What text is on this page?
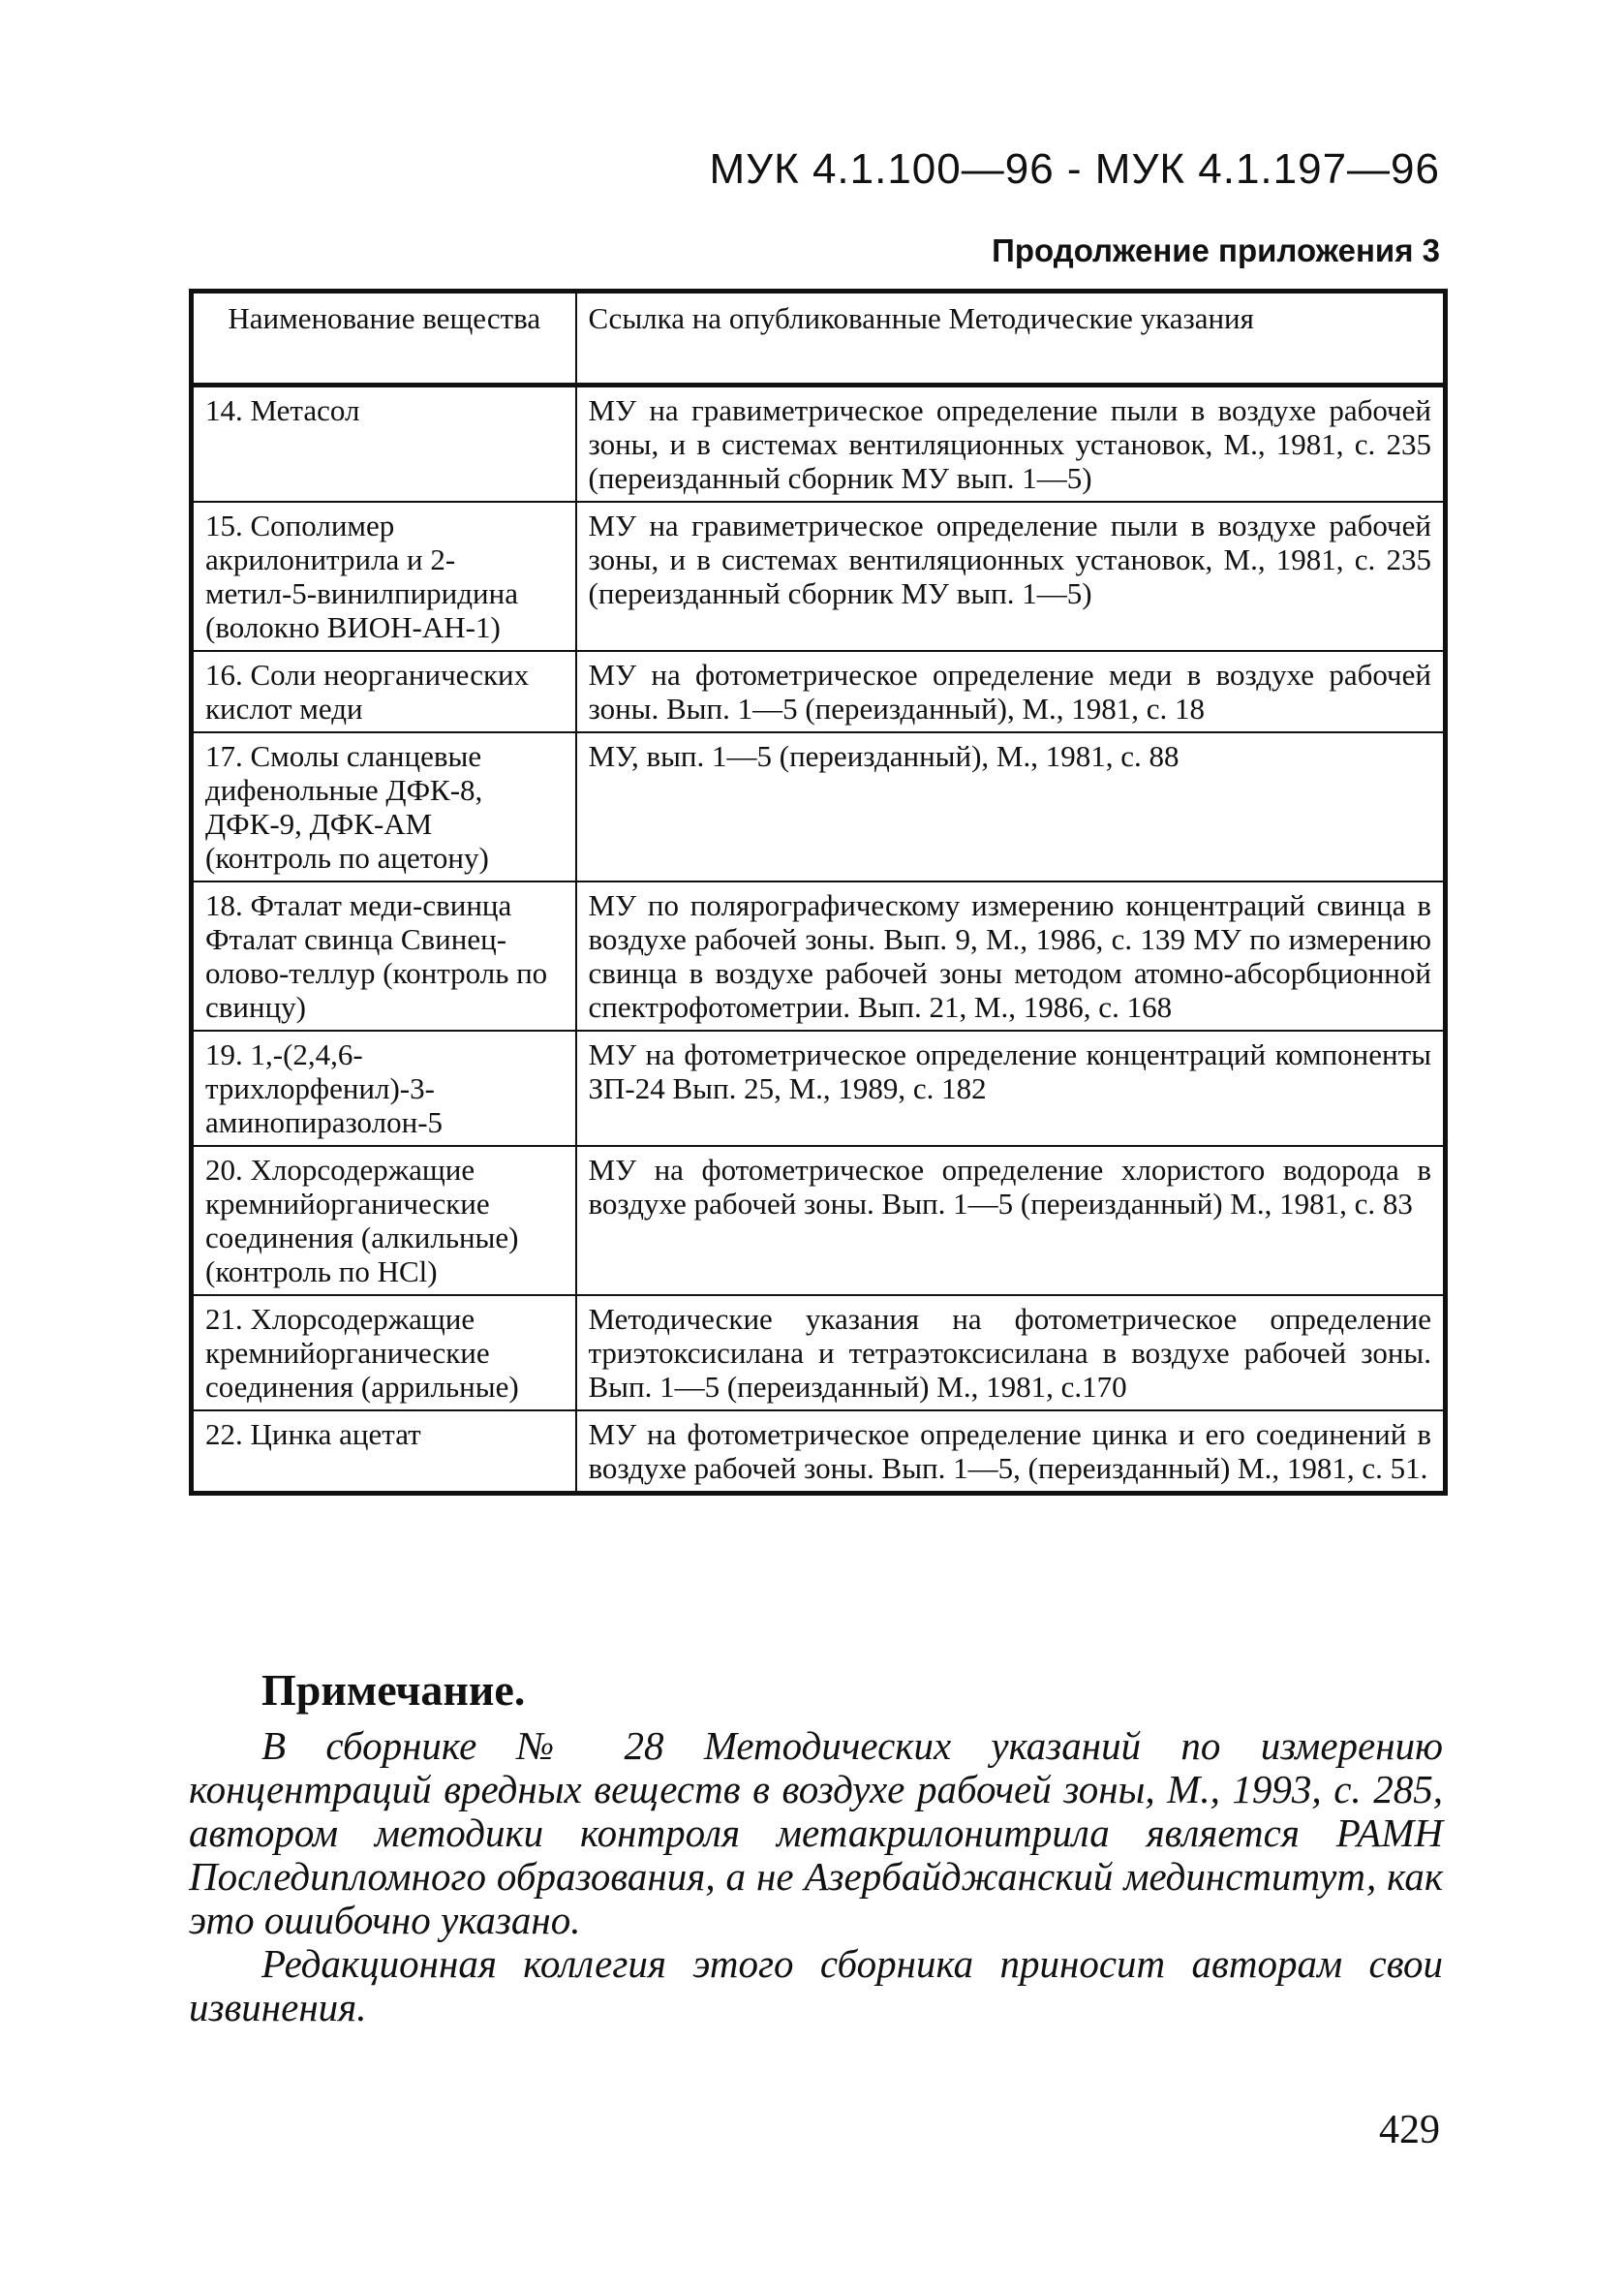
МУК 4.1.100—96 - МУК 4.1.197—96
Продолжение приложения 3
Наименование вещества	Ссылка на опубликованные Методические указания
14. Метасол	МУ на гравиметрическое определение пыли в воздухе рабочей зоны, и в системах вентиляционных установок, М., 1981, с. 235 (переизданный сборник МУ вып. 1—5)
15. Сополимер акрилонитрила и 2-метил-5-винилпиридина (волокно ВИОН-АН-1)	МУ на гравиметрическое определение пыли в воздухе рабочей зоны, и в системах вентиляционных установок, М., 1981, с. 235 (переизданный сборник МУ вып. 1—5)
16. Соли неорганических кислот меди	МУ на фотометрическое определение меди в воздухе рабочей зоны. Вып. 1—5 (переизданный), М., 1981, с. 18
17. Смолы сланцевые дифенольные ДФК-8, ДФК-9, ДФК-АМ (контроль по ацетону)	МУ, вып. 1—5 (переизданный), М., 1981, с. 88
18. Фталат меди-свинца Фталат свинца Свинец-олово-теллур (контроль по свинцу)	МУ по полярографическому измерению концентраций свинца в воздухе рабочей зоны. Вып. 9, М., 1986, с. 139 МУ по измерению свинца в воздухе рабочей зоны методом атомно-абсорбционной спектрофотометрии. Вып. 21, М., 1986, с. 168
19. 1,-(2,4,6-трихлорфенил)-3-аминопиразолон-5	МУ на фотометрическое определение концентраций компоненты ЗП-24 Вып. 25, М., 1989, с. 182
20. Хлорсодержащие кремнийорганические соединения (алкильные) (контроль по HCl)	МУ на фотометрическое определение хлористого водорода в воздухе рабочей зоны. Вып. 1—5 (переизданный) М., 1981, с. 83
21. Хлорсодержащие кремнийорганические соединения (аррильные)	Методические указания на фотометрическое определение триэтоксисилана и тетраэтоксисилана в воздухе рабочей зоны. Вып. 1—5 (переизданный) М., 1981, с.170
22. Цинка ацетат	МУ на фотометрическое определение цинка и его соединений в воздухе рабочей зоны. Вып. 1—5, (переизданный) М., 1981, с. 51.
Примечание.

В сборнике № 28 Методических указаний по измерению концентраций вредных веществ в воздухе рабочей зоны, М., 1993, с. 285, автором методики контроля метакрилонитрила является РАМН Последипломного образования, а не Азербайджанский мединститут, как это ошибочно указано.

Редакционная коллегия этого сборника приносит авторам свои извинения.

429
